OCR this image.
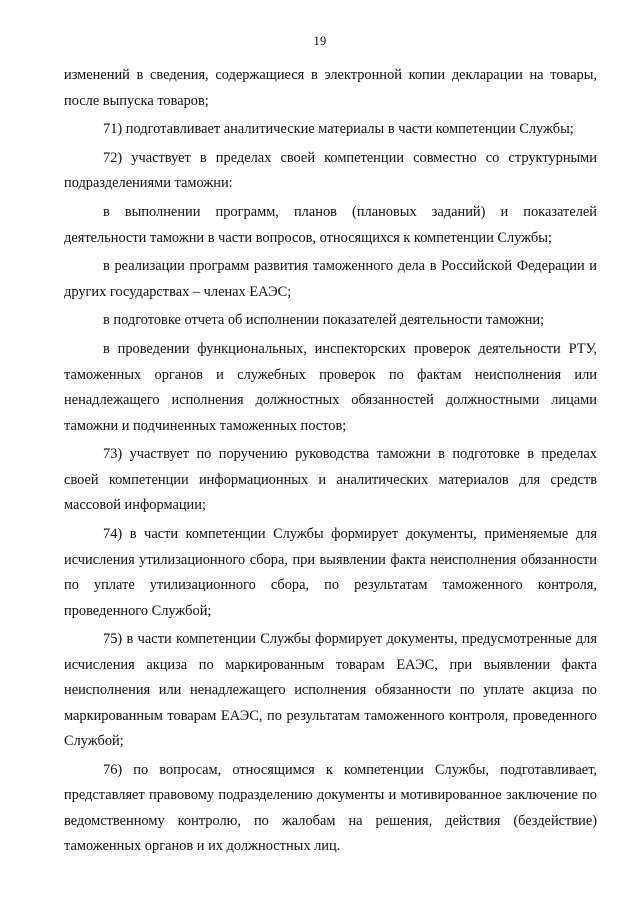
19

изменений в сведения, содержащиеся в электронной копии декларации на товары, после выпуска товаров;

71) подготавливает аналитические материалы в части компетенции Службы;

72) участвует в пределах своей компетенции совместно со структурными подразделениями таможни:

в выполнении программ, планов (плановых заданий) и показателей деятельности таможни в части вопросов, относящихся к компетенции Службы;

в реализации программ развития таможенного дела в Российской Федерации и других государствах – членах ЕАЭС;

в подготовке отчета об исполнении показателей деятельности таможни;

в проведении функциональных, инспекторских проверок деятельности РТУ, таможенных органов и служебных проверок по фактам неисполнения или ненадлежащего исполнения должностных обязанностей должностными лицами таможни и подчиненных таможенных постов;

73) участвует по поручению руководства таможни в подготовке в пределах своей компетенции информационных и аналитических материалов для средств массовой информации;

74) в части компетенции Службы формирует документы, применяемые для исчисления утилизационного сбора, при выявлении факта неисполнения обязанности по уплате утилизационного сбора, по результатам таможенного контроля, проведенного Службой;

75) в части компетенции Службы формирует документы, предусмотренные для исчисления акциза по маркированным товарам ЕАЭС, при выявлении факта неисполнения или ненадлежащего исполнения обязанности по уплате акциза по маркированным товарам ЕАЭС, по результатам таможенного контроля, проведенного Службой;

76) по вопросам, относящимся к компетенции Службы, подготавливает, представляет правовому подразделению документы и мотивированное заключение по ведомственному контролю, по жалобам на решения, действия (бездействие) таможенных органов и их должностных лиц.
